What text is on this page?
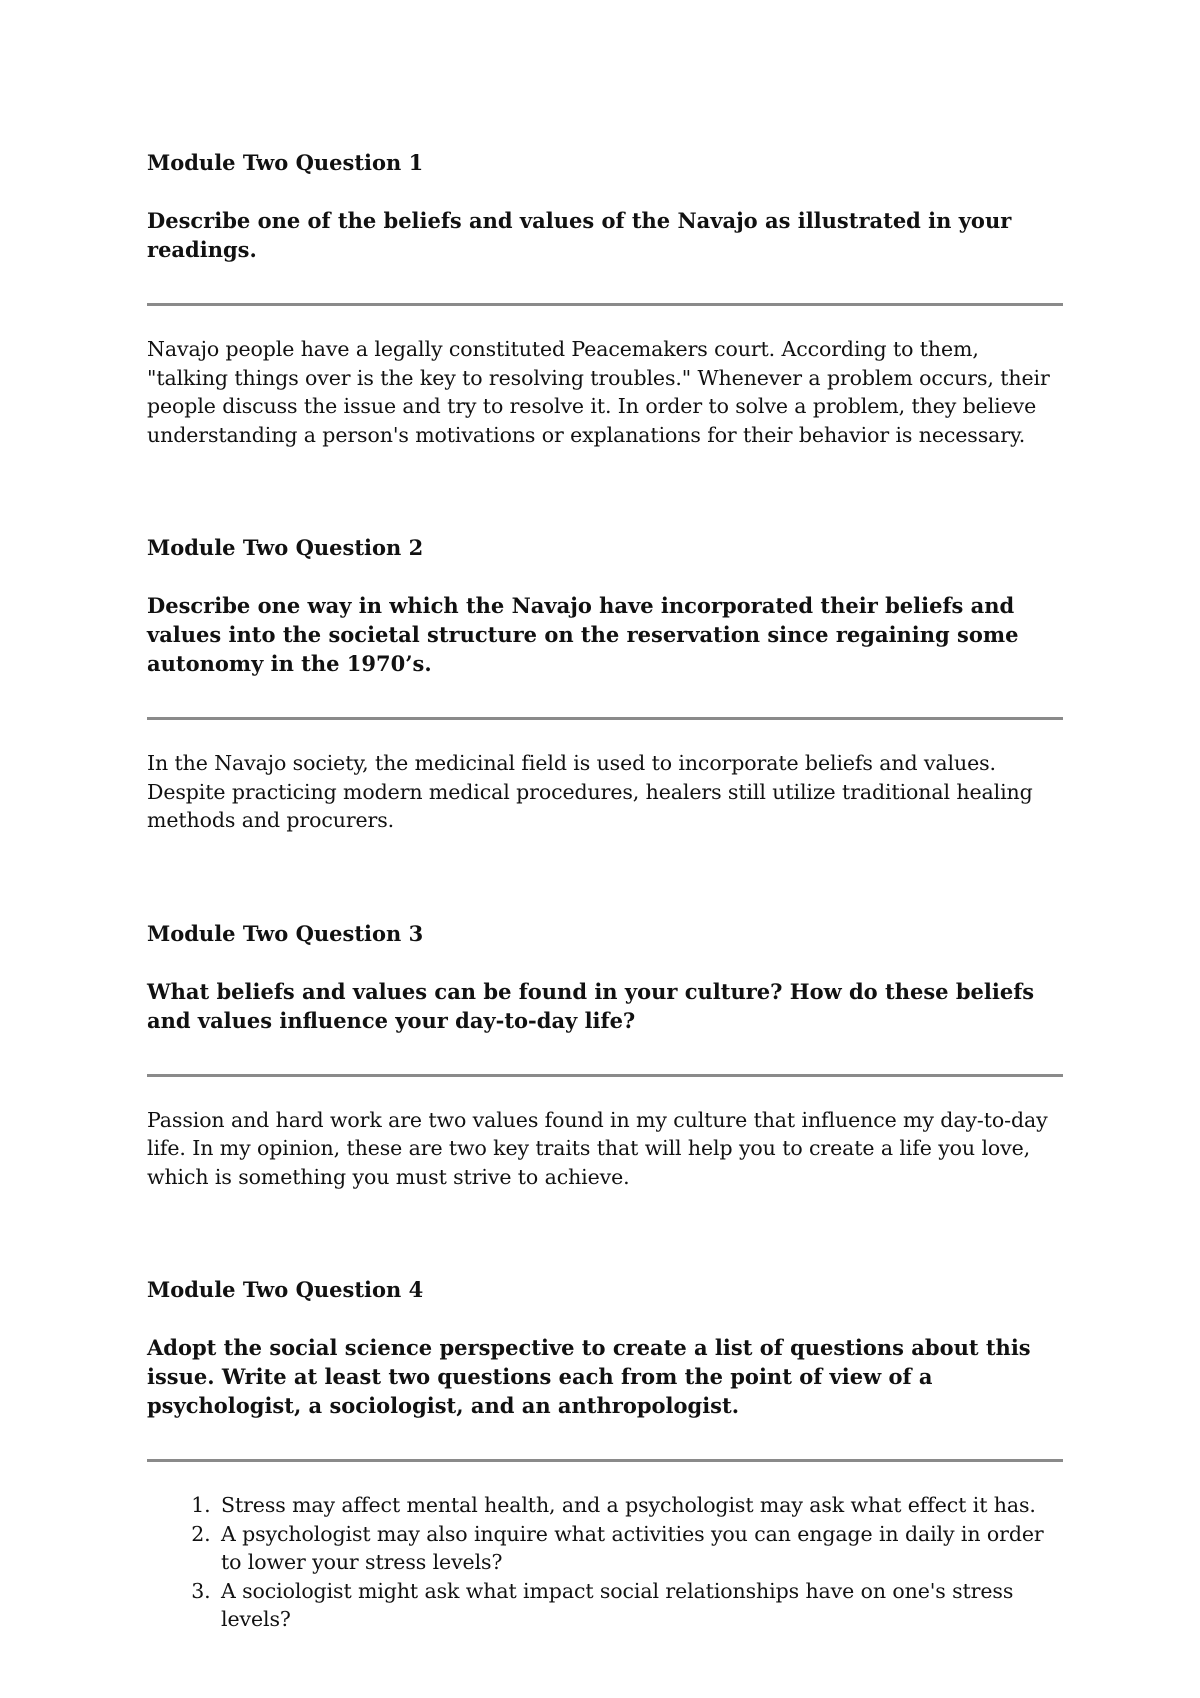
Module Two Question 1

Describe one of the beliefs and values of the Navajo as illustrated in your readings.

Navajo people have a legally constituted Peacemakers court. According to them, "talking things over is the key to resolving troubles." Whenever a problem occurs, their people discuss the issue and try to resolve it. In order to solve a problem, they believe understanding a person's motivations or explanations for their behavior is necessary.

Module Two Question 2

Describe one way in which the Navajo have incorporated their beliefs and values into the societal structure on the reservation since regaining some autonomy in the 1970’s.

In the Navajo society, the medicinal field is used to incorporate beliefs and values. Despite practicing modern medical procedures, healers still utilize traditional healing methods and procurers.

Module Two Question 3

What beliefs and values can be found in your culture? How do these beliefs and values influence your day-to-day life?

Passion and hard work are two values found in my culture that influence my day-to-day life. In my opinion, these are two key traits that will help you to create a life you love, which is something you must strive to achieve.

Module Two Question 4

Adopt the social science perspective to create a list of questions about this issue. Write at least two questions each from the point of view of a psychologist, a sociologist, and an anthropologist.

1. Stress may affect mental health, and a psychologist may ask what effect it has.
2. A psychologist may also inquire what activities you can engage in daily in order to lower your stress levels?
3. A sociologist might ask what impact social relationships have on one's stress levels?
